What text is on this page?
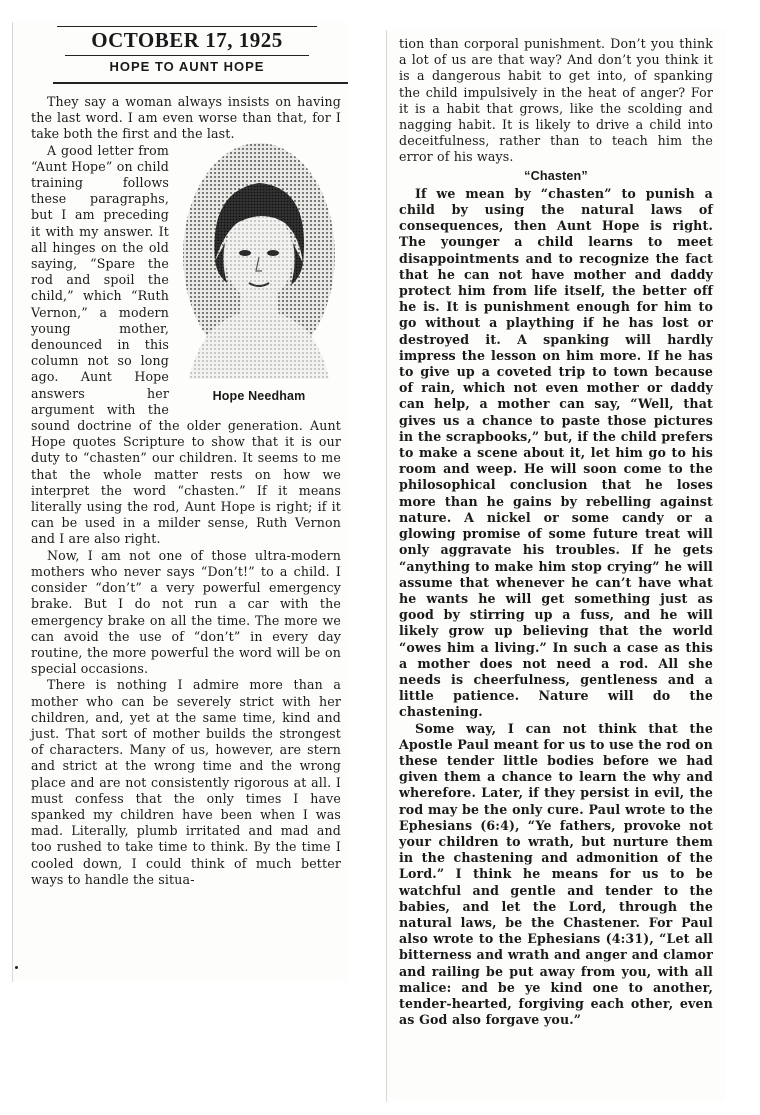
OCTOBER 17, 1925
HOPE TO AUNT HOPE

They say a woman always insists on having the last word. I am even worse than that, for I take both the first and the last.

Hope Needham

A good letter from “Aunt Hope” on child training follows these paragraphs, but I am preceding it with my answer. It all hinges on the old saying, “Spare the rod and spoil the child,” which “Ruth Vernon,” a modern young mother, denounced in this column not so long ago. Aunt Hope answers her argument with the sound doctrine of the older generation. Aunt Hope quotes Scripture to show that it is our duty to “chasten” our children. It seems to me that the whole matter rests on how we interpret the word “chasten.” If it means literally using the rod, Aunt Hope is right; if it can be used in a milder sense, Ruth Vernon and I are also right.

Now, I am not one of those ultra-modern mothers who never says “Don’t!” to a child. I consider “don’t” a very powerful emergency brake. But I do not run a car with the emergency brake on all the time. The more we can avoid the use of “don’t” in every day routine, the more powerful the word will be on special occasions.

There is nothing I admire more than a mother who can be severely strict with her children, and, yet at the same time, kind and just. That sort of mother builds the strongest of characters. Many of us, however, are stern and strict at the wrong time and the wrong place and are not consistently rigorous at all. I must confess that the only times I have spanked my children have been when I was mad. Literally, plumb irritated and mad and too rushed to take time to think. By the time I cooled down, I could think of much better ways to handle the situa-

tion than corporal punishment. Don’t you think a lot of us are that way? And don’t you think it is a dangerous habit to get into, of spanking the child impulsively in the heat of anger? For it is a habit that grows, like the scolding and nagging habit. It is likely to drive a child into deceitfulness, rather than to teach him the error of his ways.

“Chasten”

If we mean by “chasten” to punish a child by using the natural laws of consequences, then Aunt Hope is right. The younger a child learns to meet disappointments and to recognize the fact that he can not have mother and daddy protect him from life itself, the better off he is. It is punishment enough for him to go without a plaything if he has lost or destroyed it. A spanking will hardly impress the lesson on him more. If he has to give up a coveted trip to town because of rain, which not even mother or daddy can help, a mother can say, “Well, that gives us a chance to paste those pictures in the scrapbooks,” but, if the child prefers to make a scene about it, let him go to his room and weep. He will soon come to the philosophical conclusion that he loses more than he gains by rebelling against nature. A nickel or some candy or a glowing promise of some future treat will only aggravate his troubles. If he gets “anything to make him stop crying” he will assume that whenever he can’t have what he wants he will get something just as good by stirring up a fuss, and he will likely grow up believing that the world “owes him a living.” In such a case as this a mother does not need a rod. All she needs is cheerfulness, gentleness and a little patience. Nature will do the chastening.

Some way, I can not think that the Apostle Paul meant for us to use the rod on these tender little bodies before we had given them a chance to learn the why and wherefore. Later, if they persist in evil, the rod may be the only cure. Paul wrote to the Ephesians (6:4), “Ye fathers, provoke not your children to wrath, but nurture them in the chastening and admonition of the Lord.” I think he means for us to be watchful and gentle and tender to the babies, and let the Lord, through the natural laws, be the Chastener. For Paul also wrote to the Ephesians (4:31), “Let all bitterness and wrath and anger and clamor and railing be put away from you, with all malice: and be ye kind one to another, tender-hearted, forgiving each other, even as God also forgave you.”
